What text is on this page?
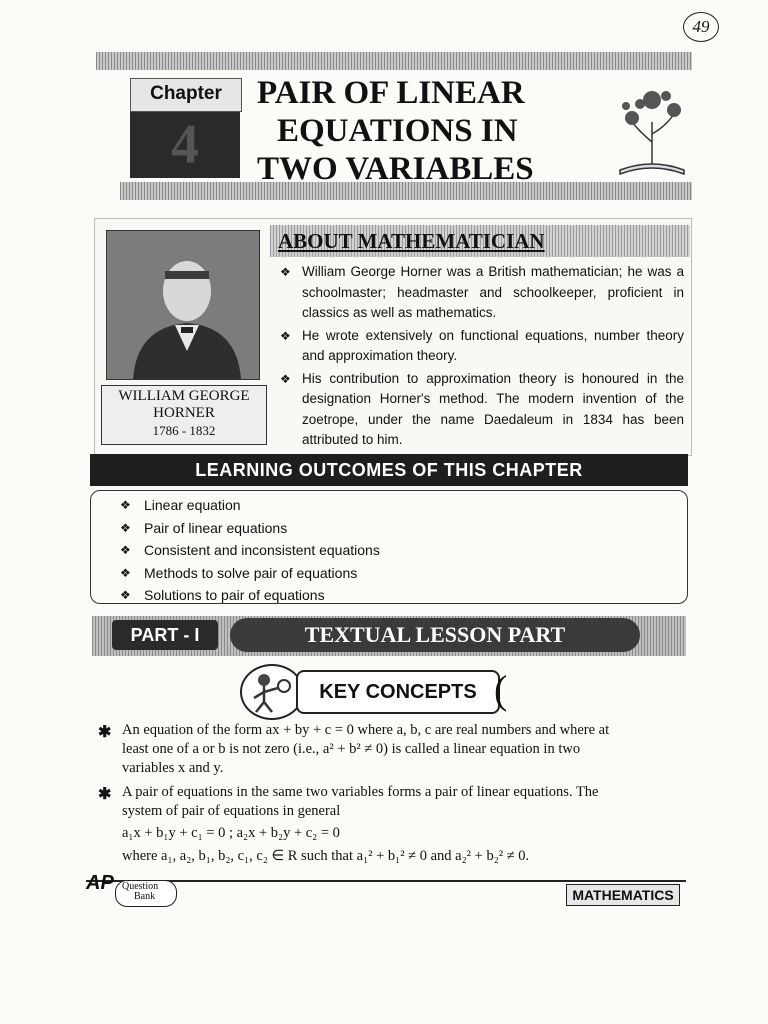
49
Chapter
4
PAIR OF LINEAR
EQUATIONS IN
TWO VARIABLES
ABOUT MATHEMATICIAN
WILLIAM GEORGE
HORNER
1786 - 1832
❖ William George Horner was a British mathematician; he was a schoolmaster; headmaster and schoolkeeper, proficient in classics as well as mathematics.
❖ He wrote extensively on functional equations, number theory and approximation theory.
❖ His contribution to approximation theory is honoured in the designation Horner's method. The modern invention of the zoetrope, under the name Daedaleum in 1834 has been attributed to him.
LEARNING OUTCOMES OF THIS CHAPTER
❖ Linear equation
❖ Pair of linear equations
❖ Consistent and inconsistent equations
❖ Methods to solve pair of equations
❖ Solutions to pair of equations
PART - I	TEXTUAL LESSON PART
KEY CONCEPTS (
✱ An equation of the form ax + by + c = 0 where a, b, c are real numbers and where at
least one of a or b is not zero (i.e., a² + b² ≠ 0) is called a linear equation in two
variables x and y.
✱ A pair of equations in the same two variables forms a pair of linear equations. The
system of pair of equations in general
a₁x + b₁y + c₁ = 0 ; a₂x + b₂y + c₂ = 0
where a₁, a₂, b₁, b₂, c₁, c₂ ∈ R such that a₁² + b₁² ≠ 0 and a₂² + b₂² ≠ 0.
AP Question
Bank	MATHEMATICS
